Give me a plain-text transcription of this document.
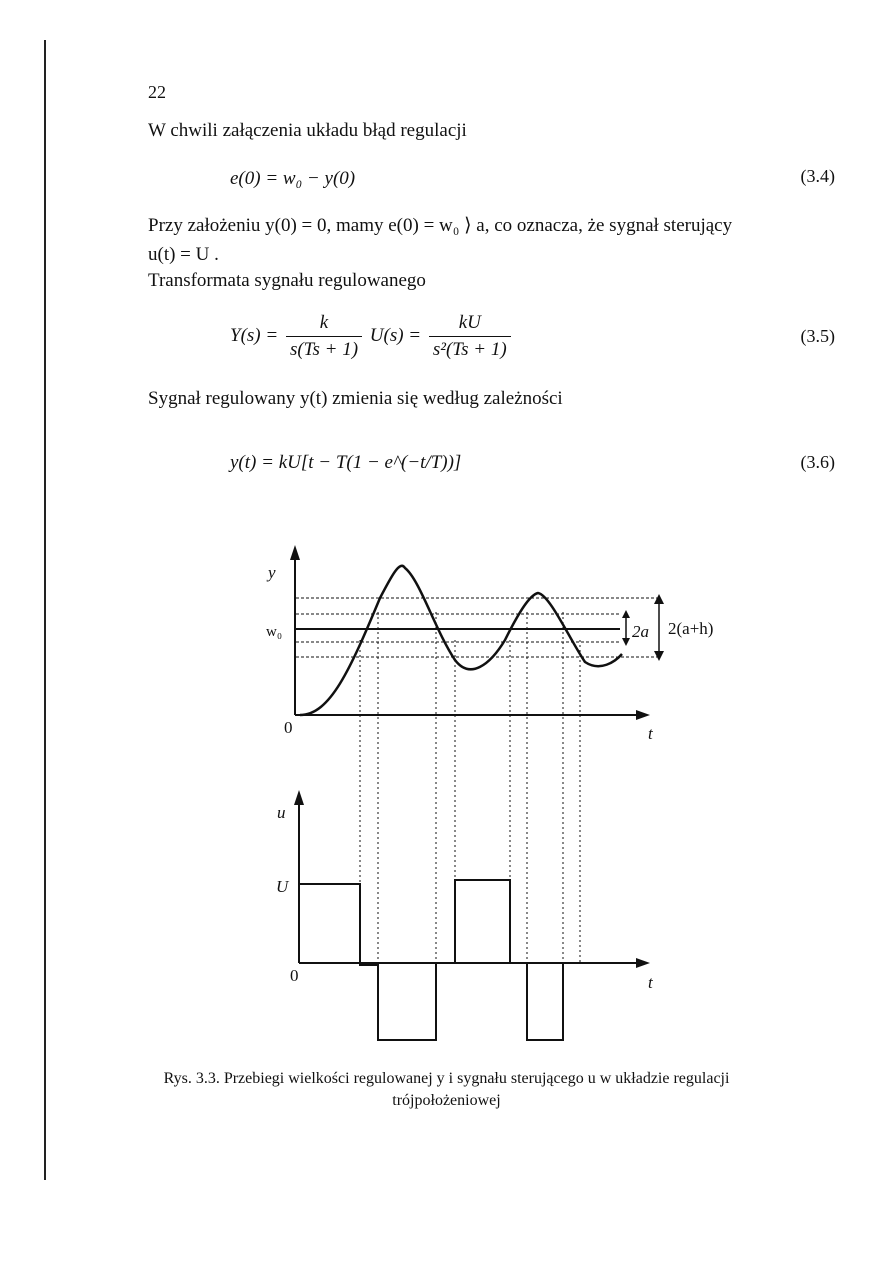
22
W chwili załączenia układu błąd regulacji
e(0) = w₀ − y(0)	(3.4)
Przy założeniu y(0) = 0, mamy e(0) = w₀ ⟩ a, co oznacza, że sygnał sterujący
u(t) = U .
Transformata sygnału regulowanego
$Y(s) = \frac{k}{s(Ts + 1)} U(s) = \frac{kU}{\text{s²(Ts + 1)}}$	(3.5)
Sygnał regulowany y(t) zmienia się według zależności
y(t) = kU[t − T(1 − e^(−t/T))]	(3.6)
y
w₀
0	t
2a 2(a+h)
u
U
0	t
Rys. 3.3. Przebiegi wielkości regulowanej y i sygnału sterującego u w układzie regulacji
trójpołożeniowej
